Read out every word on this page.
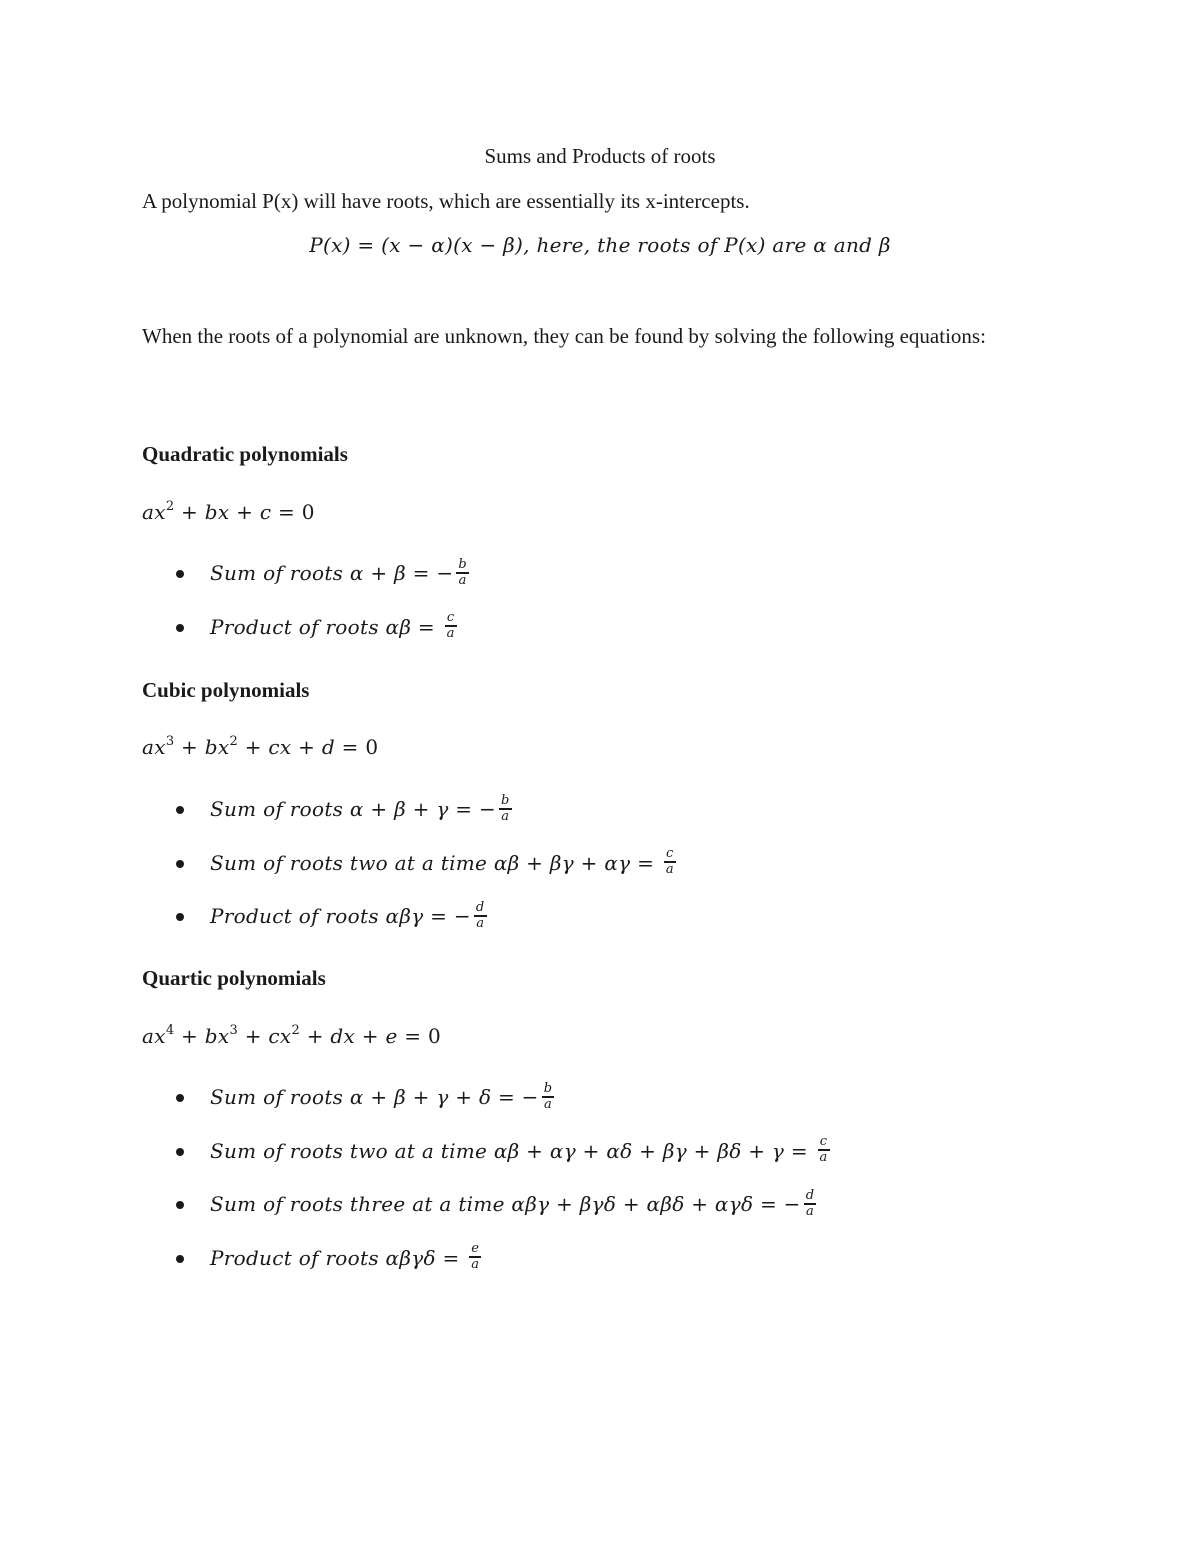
Sums and Products of roots
A polynomial P(x) will have roots, which are essentially its x-intercepts.
P(x) = (x − α)(x − β), here, the roots of P(x) are α and β
When the roots of a polynomial are unknown, they can be found by solving the following equations:
Quadratic polynomials
$ax^2$ + bx + c = 0
Sum of roots α + β = − $\frac{b}{a}$
Product of roots $\alpha\beta = \frac{c}{a}$
Cubic polynomials
$ax^3 + bx^2$ + cx + d = 0
Sum of roots α + β + γ = − $\frac{b}{a}$
Sum of roots two at a time $\alpha\beta + \beta\gamma + \alpha\gamma = \frac{c}{a}$
Product of roots αβγ = − $\frac{d}{a}$
Quartic polynomials
$ax^4 + bx^3 + cx^2$ + dx + e = 0
Sum of roots α + β + γ + δ = − $\frac{b}{a}$
Sum of roots two at a time $\alpha\beta + \alpha\gamma + \alpha\delta + \beta\gamma + \beta\delta + \gamma = \frac{c}{a}$
Sum of roots three at a time αβγ + βγδ + αβδ + αγδ = − $\frac{d}{a}$
Product of roots $\alpha\beta\gamma\delta = \frac{e}{a}$
